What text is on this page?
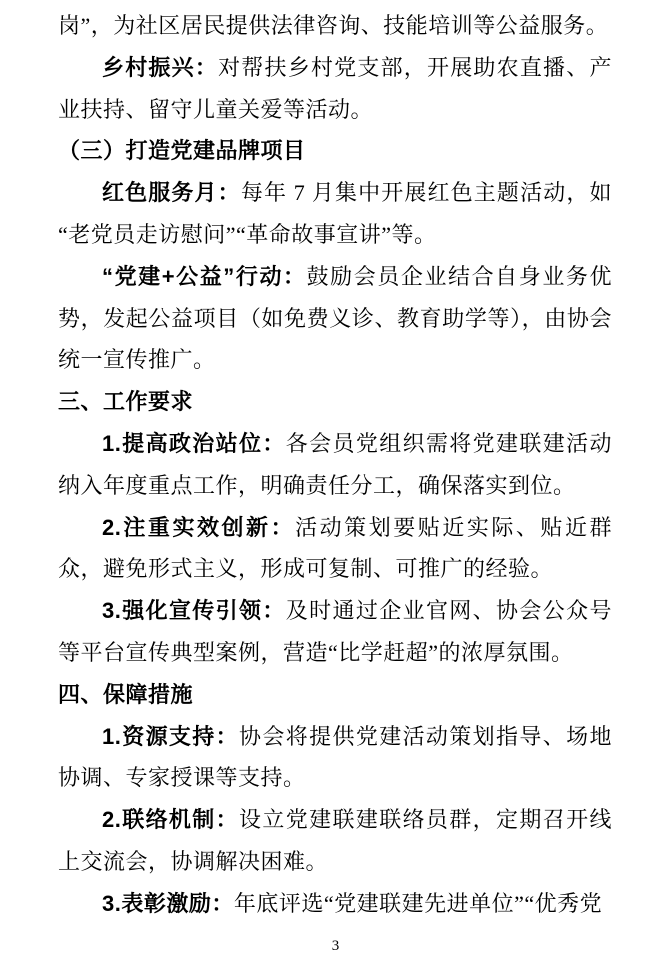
岗”，为社区居民提供法律咨询、技能培训等公益服务。

乡村振兴：对帮扶乡村党支部，开展助农直播、产业扶持、留守儿童关爱等活动。

（三）打造党建品牌项目

红色服务月：每年 7 月集中开展红色主题活动，如“老党员走访慰问”“革命故事宣讲”等。

“党建+公益”行动：鼓励会员企业结合自身业务优势，发起公益项目（如免费义诊、教育助学等），由协会统一宣传推广。

三、工作要求

1.提高政治站位：各会员党组织需将党建联建活动纳入年度重点工作，明确责任分工，确保落实到位。

2.注重实效创新：活动策划要贴近实际、贴近群众，避免形式主义，形成可复制、可推广的经验。

3.强化宣传引领：及时通过企业官网、协会公众号等平台宣传典型案例，营造“比学赶超”的浓厚氛围。

四、保障措施

1.资源支持：协会将提供党建活动策划指导、场地协调、专家授课等支持。

2.联络机制：设立党建联建联络员群，定期召开线上交流会，协调解决困难。

3.表彰激励：年底评选“党建联建先进单位”“优秀党

3
